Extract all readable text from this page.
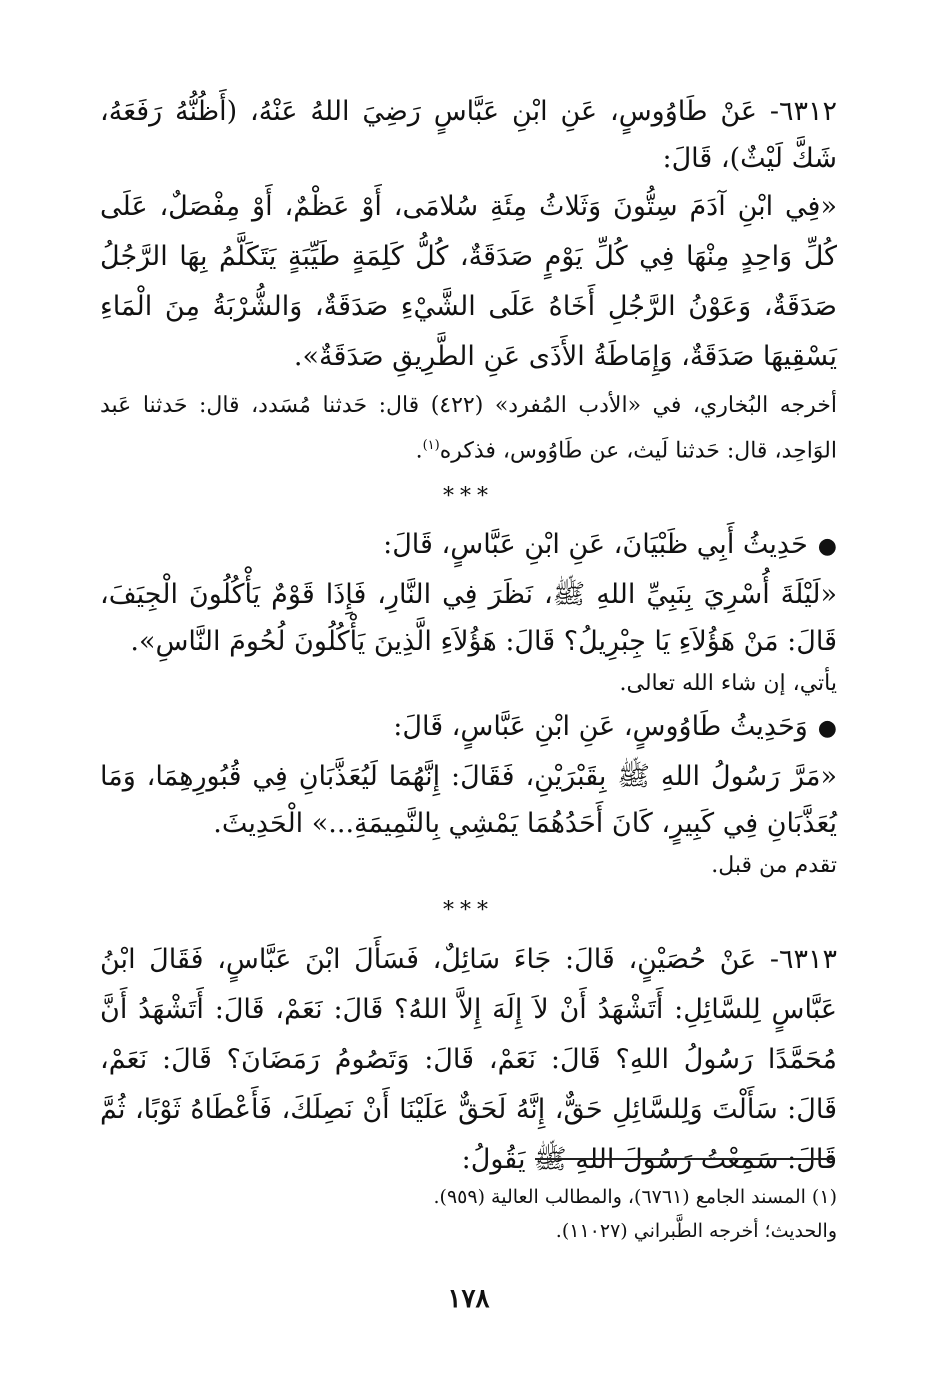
٦٣١٢- عَنْ طَاوُوسٍ، عَنِ ابْنِ عَبَّاسٍ رَضِيَ اللهُ عَنْهُ، (أَظُنُّهُ رَفَعَهُ، شَكَّ لَيْثٌ)، قَالَ:

«فِي ابْنِ آدَمَ سِتُّونَ وَثَلاثُ مِئَةِ سُلامَى، أَوْ عَظْمٌ، أَوْ مِفْصَلٌ، عَلَى كُلِّ وَاحِدٍ مِنْهَا فِي كُلِّ يَوْمٍ صَدَقَةٌ، كُلُّ كَلِمَةٍ طَيِّبَةٍ يَتَكَلَّمُ بِهَا الرَّجُلُ صَدَقَةٌ، وَعَوْنُ الرَّجُلِ أَخَاهُ عَلَى الشَّيْءِ صَدَقَةٌ، وَالشُّرْبَةُ مِنَ الْمَاءِ يَسْقِيهَا صَدَقَةٌ، وَإِمَاطَةُ الأَذَى عَنِ الطَّرِيقِ صَدَقَةٌ».

أخرجه البُخاري، في «الأدب المُفرد» (٤٢٢) قال: حَدثنا مُسَدد، قال: حَدثنا عَبد الوَاحِد، قال: حَدثنا لَيث، عن طَاوُوس، فذكره$^{(١)}$.

***
●حَدِيثُ أَبِي ظَبْيَانَ، عَنِ ابْنِ عَبَّاسٍ، قَالَ:

«لَيْلَةَ أُسْرِيَ بِنَبِيِّ اللهِ ﷺ، نَظَرَ فِي النَّارِ، فَإِذَا قَوْمٌ يَأْكُلُونَ الْجِيَفَ، قَالَ: مَنْ هَؤُلاَءِ يَا جِبْرِيلُ؟ قَالَ: هَؤُلاَءِ الَّذِينَ يَأْكُلُونَ لُحُومَ النَّاسِ».

يأتي، إن شاء الله تعالى.

●وَحَدِيثُ طَاوُوسٍ، عَنِ ابْنِ عَبَّاسٍ، قَالَ:

«مَرَّ رَسُولُ اللهِ ﷺ بِقَبْرَيْنِ، فَقَالَ: إِنَّهُمَا لَيُعَذَّبَانِ فِي قُبُورِهِمَا، وَمَا يُعَذَّبَانِ فِي كَبِيرٍ، كَانَ أَحَدُهُمَا يَمْشِي بِالنَّمِيمَةِ...» الْحَدِيثَ.

تقدم من قبل.

***

٦٣١٣- عَنْ حُصَيْنٍ، قَالَ: جَاءَ سَائِلٌ، فَسَأَلَ ابْنَ عَبَّاسٍ، فَقَالَ ابْنُ عَبَّاسٍ لِلسَّائِلِ: أَتَشْهَدُ أَنْ لاَ إِلَهَ إِلاَّ اللهُ؟ قَالَ: نَعَمْ، قَالَ: أَتَشْهَدُ أَنَّ مُحَمَّدًا رَسُولُ اللهِ؟ قَالَ: نَعَمْ، قَالَ: وَتَصُومُ رَمَضَانَ؟ قَالَ: نَعَمْ، قَالَ: سَأَلْتَ وَلِلسَّائِلِ حَقٌّ، إِنَّهُ لَحَقٌّ عَلَيْنَا أَنْ نَصِلَكَ، فَأَعْطَاهُ ثَوْبًا، ثُمَّ قَالَ: سَمِعْتُ رَسُولَ اللهِ ﷺ يَقُولُ:

(١) المسند الجامع (٦٧٦١)، والمطالب العالية (٩٥٩).

والحديث؛ أخرجه الطَّبراني (١١٠٢٧).

١٧٨
